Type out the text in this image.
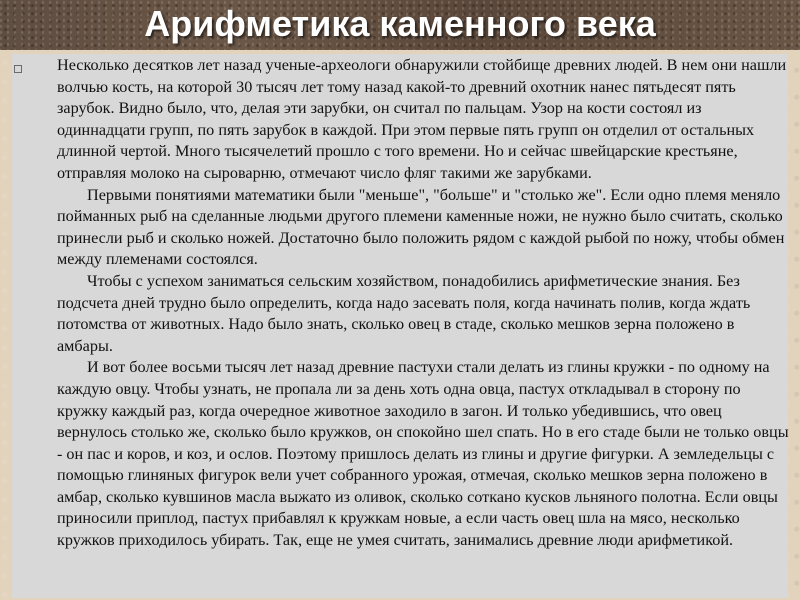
Арифметика каменного века

Несколько десятков лет назад ученые-археологи обнаружили стойбище древних людей. В нем они нашли волчью кость, на которой 30 тысяч лет тому назад какой-то древний охотник нанес пятьдесят пять зарубок. Видно было, что, делая эти зарубки, он считал по пальцам. Узор на кости состоял из одиннадцати групп, по пять зарубок в каждой. При этом первые пять групп он отделил от остальных длинной чертой. Много тысячелетий прошло с того времени. Но и сейчас швейцарские крестьяне, отправляя молоко на сыроварню, отмечают число фляг такими же зарубками.

Первыми понятиями математики были "меньше", "больше" и "столько же". Если одно племя меняло пойманных рыб на сделанные людьми другого племени каменные ножи, не нужно было считать, сколько принесли рыб и сколько ножей. Достаточно было положить рядом с каждой рыбой по ножу, чтобы обмен между племенами состоялся.

Чтобы с успехом заниматься сельским хозяйством, понадобились арифметические знания. Без подсчета дней трудно было определить, когда надо засевать поля, когда начинать полив, когда ждать потомства от животных. Надо было знать, сколько овец в стаде, сколько мешков зерна положено в амбары.

И вот более восьми тысяч лет назад древние пастухи стали делать из глины кружки - по одному на каждую овцу. Чтобы узнать, не пропала ли за день хоть одна овца, пастух откладывал в сторону по кружку каждый раз, когда очередное животное заходило в загон. И только убедившись, что овец вернулось столько же, сколько было кружков, он спокойно шел спать. Но в его стаде были не только овцы - он пас и коров, и коз, и ослов. Поэтому пришлось делать из глины и другие фигурки. А земледельцы с помощью глиняных фигурок вели учет собранного урожая, отмечая, сколько мешков зерна положено в амбар, сколько кувшинов масла выжато из оливок, сколько соткано кусков льняного полотна. Если овцы приносили приплод, пастух прибавлял к кружкам новые, а если часть овец шла на мясо, несколько кружков приходилось убирать. Так, еще не умея считать, занимались древние люди арифметикой.
